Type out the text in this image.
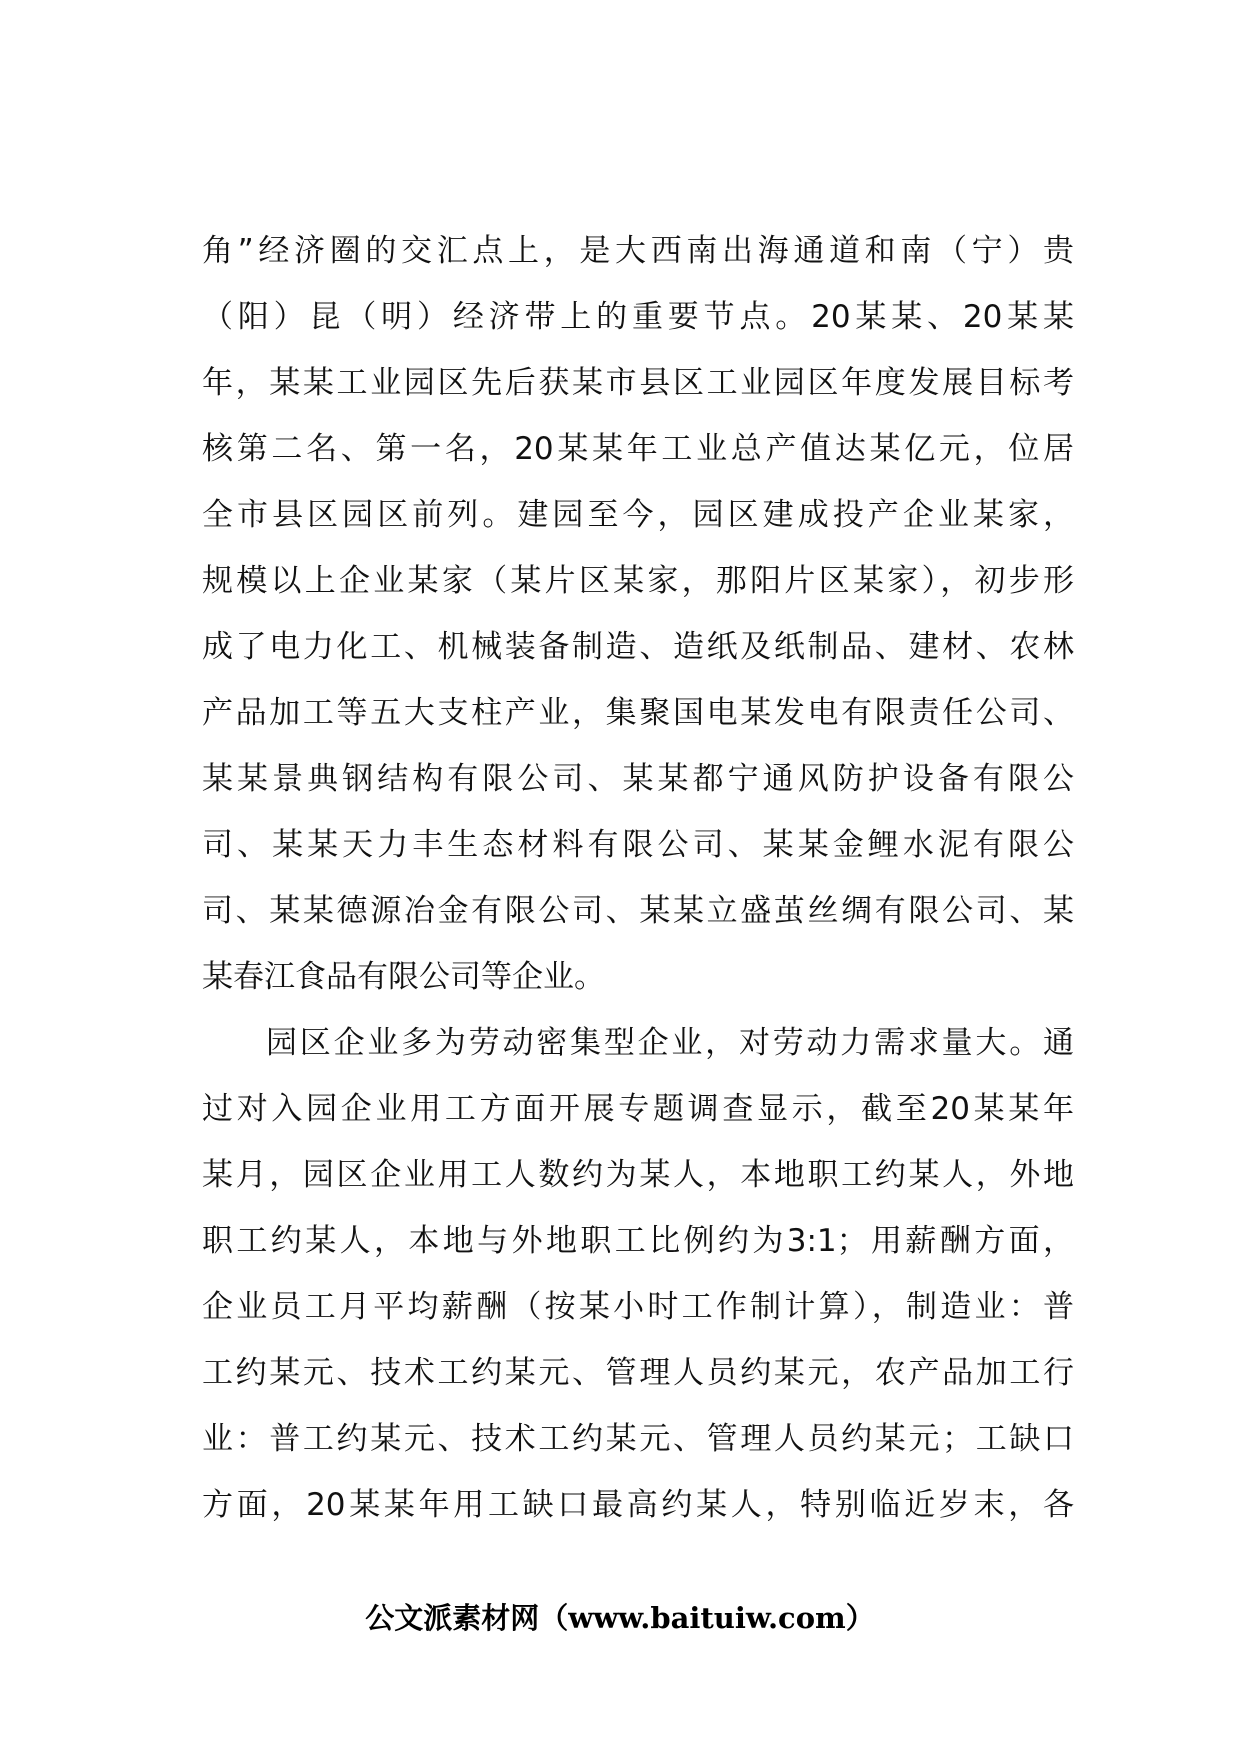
角”经济圈的交汇点上，是大西南出海通道和南（宁）贵
（阳）昆（明）经济带上的重要节点。20某某、20某某
年，某某工业园区先后获某市县区工业园区年度发展目标考
核第二名、第一名，20某某年工业总产值达某亿元，位居
全市县区园区前列。建园至今，园区建成投产企业某家，
规模以上企业某家（某片区某家，那阳片区某家），初步形
成了电力化工、机械装备制造、造纸及纸制品、建材、农林
产品加工等五大支柱产业，集聚国电某发电有限责任公司、
某某景典钢结构有限公司、某某都宁通风防护设备有限公
司、某某天力丰生态材料有限公司、某某金鲤水泥有限公
司、某某德源冶金有限公司、某某立盛茧丝绸有限公司、某
某春江食品有限公司等企业。
园区企业多为劳动密集型企业，对劳动力需求量大。通
过对入园企业用工方面开展专题调查显示，截至20某某年
某月，园区企业用工人数约为某人，本地职工约某人，外地
职工约某人，本地与外地职工比例约为3:1；用薪酬方面，
企业员工月平均薪酬（按某小时工作制计算），制造业：普
工约某元、技术工约某元、管理人员约某元，农产品加工行
业：普工约某元、技术工约某元、管理人员约某元；工缺口
方面，20某某年用工缺口最高约某人，特别临近岁末，各
公文派素材网（www.baituiw.com）
